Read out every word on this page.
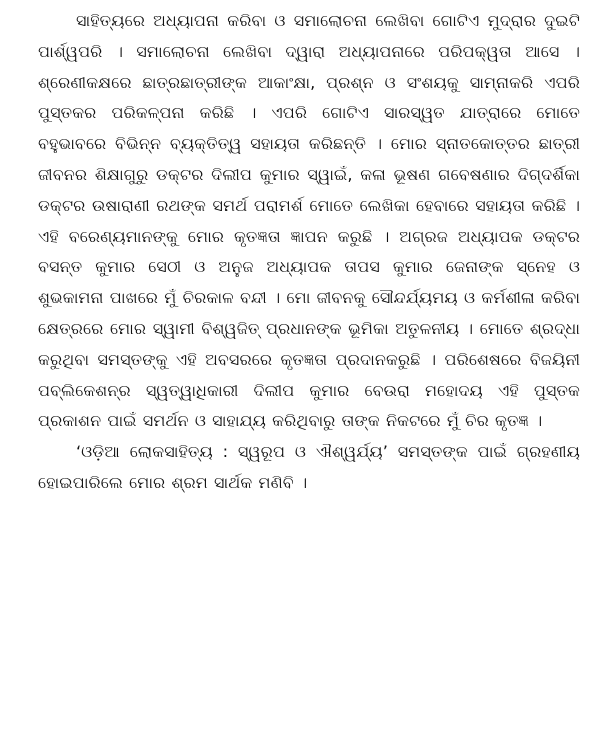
ସାହିତ୍ୟରେ ଅଧ୍ୟାପନା କରିବା ଓ ସମାଲୋଚନା ଲେଖିବା ଗୋଟିଏ ମୁଦ୍ରାର ଦୁଇଟି ପାର୍ଶ୍ୱପରି । ସମାଲୋଚନା ଲେଖିବା ଦ୍ୱାରା ଅଧ୍ୟାପନାରେ ପରିପକ୍ୱତା ଆସେ । ଶ୍ରେଣୀକକ୍ଷରେ ଛାତ୍ରଛାତ୍ରୀଙ୍କ ଆକାଂକ୍ଷା, ପ୍ରଶ୍ନ ଓ ସଂଶୟକୁ ସାମ୍ନାକରି ଏପରି ପୁସ୍ତକର ପରିକଳ୍ପନା କରିଛି । ଏପରି ଗୋଟିଏ ସାରସ୍ୱତ ଯାତ୍ରାରେ ମୋତେ ବହୁଭାବରେ ବିଭିନ୍ନ ବ୍ୟକ୍ତିତ୍ୱ ସହାୟତା କରିଛନ୍ତି । ମୋର ସ୍ନାତକୋତ୍ତର ଛାତ୍ରୀ ଜୀବନର ଶିକ୍ଷାଗୁରୁ ଡକ୍ଟର ଦିଲୀପ କୁମାର ସ୍ୱାଇଁ, କଳା ଭୂଷଣ ଗବେଷଣାର ଦିଗ୍‌ଦର୍ଶିକା ଡକ୍ଟର ଉଷାରାଣୀ ରଥଙ୍କ ସମର୍ଥ ପରାମର୍ଶ ମୋତେ ଲେଖିକା ହେବାରେ ସହାୟତା କରିଛି । ଏହି ବରେଣ୍ୟମାନଙ୍କୁ ମୋର କୃତଜ୍ଞତା ଜ୍ଞାପନ କରୁଛି । ଅଗ୍ରଜ ଅଧ୍ୟାପକ ଡକ୍ଟର ବସନ୍ତ କୁମାର ସେଠୀ ଓ ଅନୁଜ ଅଧ୍ୟାପକ ତାପସ କୁମାର ଜେନାଙ୍କ ସ୍ନେହ ଓ ଶୁଭକାମନା ପାଖରେ ମୁଁ ଚିରକାଳ ବନ୍ଦୀ । ମୋ ଜୀବନକୁ ସୌନ୍ଦର୍ଯ୍ୟମୟ ଓ କର୍ମଶୀଳା କରିବା କ୍ଷେତ୍ରରେ ମୋର ସ୍ୱାମୀ ବିଶ୍ୱଜିତ୍ ପ୍ରଧାନଙ୍କ ଭୂମିକା ଅତୁଳନୀୟ । ମୋତେ ଶ୍ରଦ୍ଧା କରୁଥିବା ସମସ୍ତଙ୍କୁ ଏହି ଅବସରରେ କୃତଜ୍ଞତା ପ୍ରଦାନକରୁଛି । ପରିଶେଷରେ ବିଜୟିନୀ ପବ୍ଲିକେଶନ୍‌ର ସ୍ୱତ୍ୱାଧିକାରୀ ଦିଲୀପ କୁମାର ବେଉରା ମହୋଦୟ ଏହି ପୁସ୍ତକ ପ୍ରକାଶନ ପାଇଁ ସମର୍ଥନ ଓ ସାହାଯ୍ୟ କରିଥିବାରୁ ତାଙ୍କ ନିକଟରେ ମୁଁ ଚିର କୃତଜ୍ଞ ।

‘ଓଡ଼ିଆ ଲୋକସାହିତ୍ୟ : ସ୍ୱରୂପ ଓ ଐଶ୍ୱର୍ଯ୍ୟ’ ସମସ୍ତଙ୍କ ପାଇଁ ଗ୍ରହଣୀୟ ହୋଇପାରିଲେ ମୋର ଶ୍ରମ ସାର୍ଥକ ମଣିବି ।
